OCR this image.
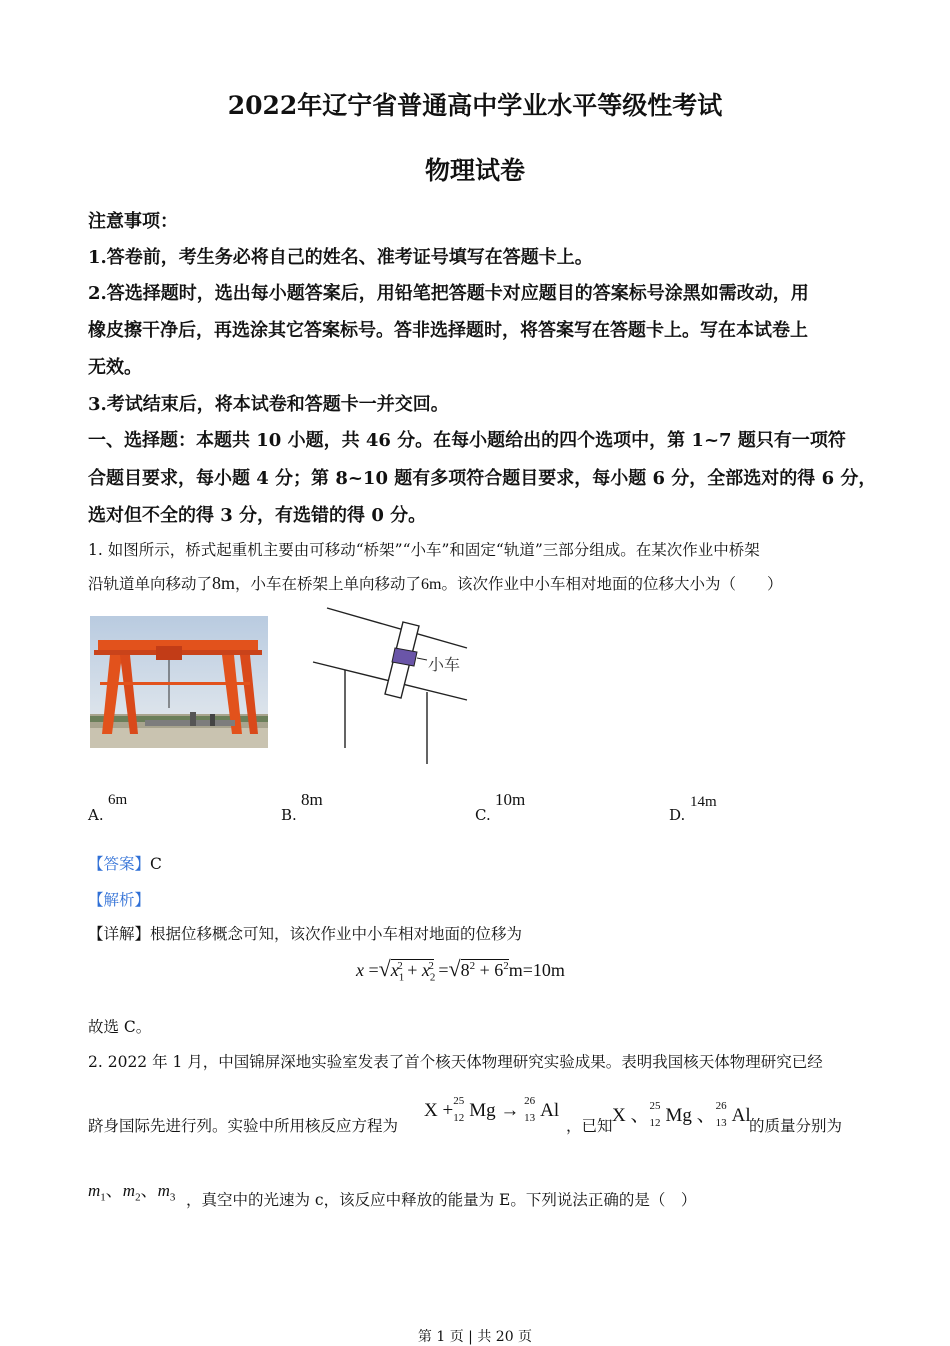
2022年辽宁省普通高中学业水平等级性考试
物理试卷
注意事项：
1.答卷前，考生务必将自己的姓名、准考证号填写在答题卡上。
2.答选择题时，选出每小题答案后，用铅笔把答题卡对应题目的答案标号涂黑如需改动，用
橡皮擦干净后，再选涂其它答案标号。答非选择题时，将答案写在答题卡上。写在本试卷上
无效。
3.考试结束后，将本试卷和答题卡一并交回。
一、选择题：本题共 10 小题，共 46 分。在每小题给出的四个选项中，第 1~7 题只有一项符
合题目要求，每小题 4 分；第 8~10 题有多项符合题目要求，每小题 6 分，全部选对的得 6 分，
选对但不全的得 3 分，有选错的得 0 分。
1. 如图所示，桥式起重机主要由可移动“桥架”“小车”和固定“轨道”三部分组成。在某次作业中桥架
沿轨道单向移动了8m，小车在桥架上单向移动了6m。该次作业中小车相对地面的位移大小为（　　）
小车
A.
6m
B.
8m
C.
10m
D.
14m
【答案】C
【解析】
【详解】根据位移概念可知，该次作业中小车相对地面的位移为
$x =√x_1^2 + x_2^2 =√8^2 + 6^2m=10m$
故选 C。
2. 2022 年 1 月，中国锦屏深地实验室发表了首个核天体物理研究实验成果。表明我国核天体物理研究已经
跻身国际先进行列。实验中所用核反应方程为
X + 25
12 Mg → 26
13 Al
，已知 X 、 25
12 Mg 、 26
13 Al
的质量分别为
$m_1$、$m_2$、$m_3$ ，真空中的光速为 c，该反应中释放的能量为 E。下列说法正确的是（　）
第 1 页 | 共 20 页
